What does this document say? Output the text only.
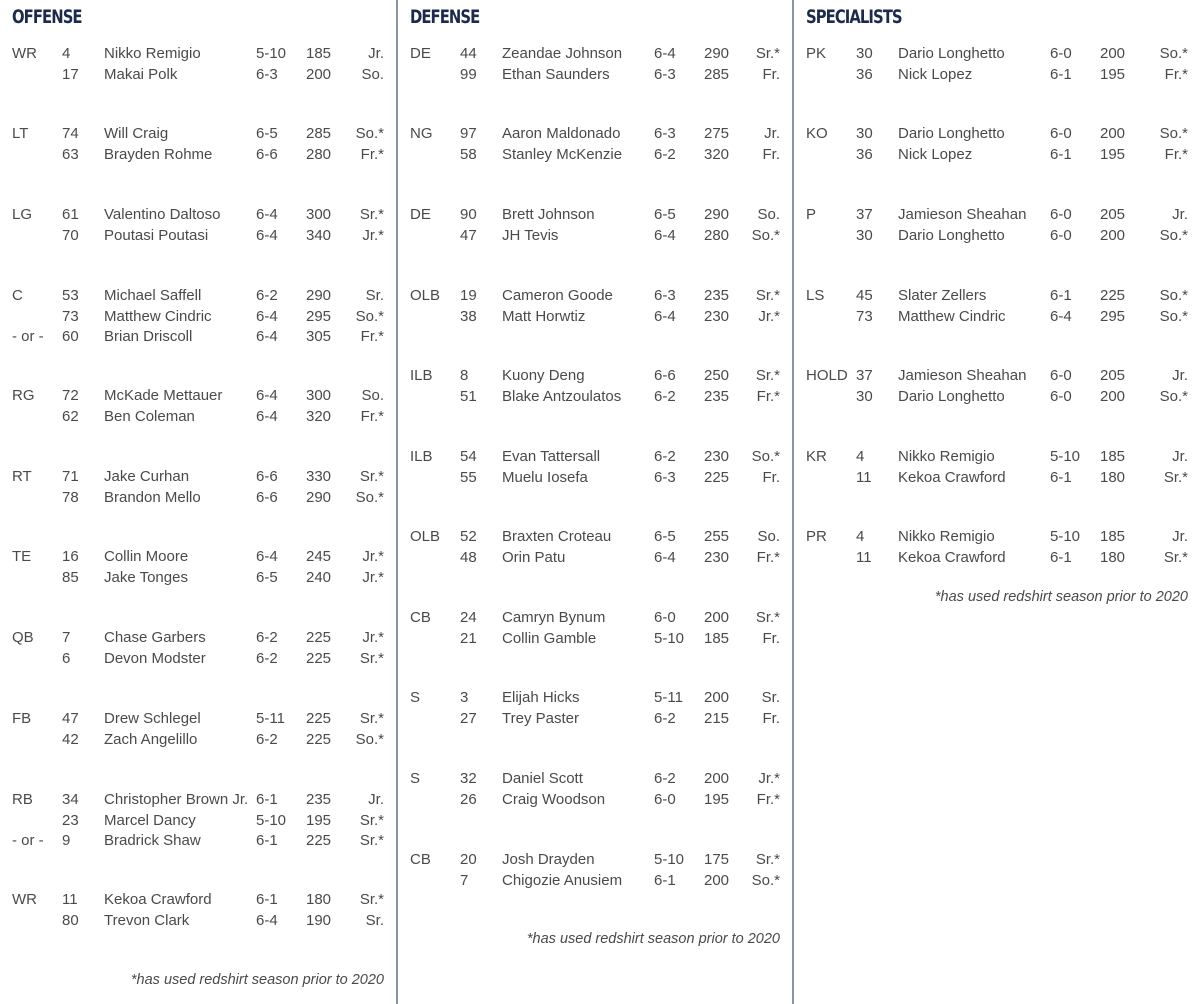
OFFENSE
WR 4 Nikko Remigio	5-10 185 Jr.
17 Makai Polk	6-3 200 So.
LT 74 Will Craig	6-5 285 So.*
63 Brayden Rohme	6-6 280 Fr.*
LG 61 Valentino Daltoso 6-4 300 Sr.*
70 Poutasi Poutasi	6-4 340 Jr.*
C	53 Michael Saffell	6-2 290 Sr.
73 Matthew Cindric	6-4 295 So.*
- or - 60 Brian Driscoll	6-4 305 Fr.*
RG 72 McKade Mettauer 6-4 300 So.
62 Ben Coleman	6-4 320 Fr.*
RT 71 Jake Curhan	6-6 330 Sr.*
78 Brandon Mello	6-6 290 So.*
TE 16 Collin Moore	6-4 245 Jr.*
85 Jake Tonges	6-5 240 Jr.*
QB 7 Chase Garbers	6-2 225 Jr.*
6 Devon Modster	6-2 225 Sr.*
FB 47 Drew Schlegel	5-11 225 Sr.*
42 Zach Angelillo	6-2 225 So.*
RB 34 Christopher Brown Jr. 6-1 235 Jr.
23 Marcel Dancy	5-10 195 Sr.*
- or - 9 Bradrick Shaw	6-1 225 Sr.*
WR 11 Kekoa Crawford	6-1 180 Sr.*
80 Trevon Clark	6-4 190 Sr.
*has used redshirt season prior to 2020
DEFENSE
DE 44 Zeandae Johnson 6-4 290 Sr.*
99 Ethan Saunders	6-3 285 Fr.
NG 97 Aaron Maldonado 6-3 275 Jr.
58 Stanley McKenzie 6-2 320 Fr.
DE 90 Brett Johnson	6-5 290 So.
47 JH Tevis	6-4 280 So.*
OLB 19 Cameron Goode	6-3 235 Sr.*
38 Matt Horwtiz	6-4 230 Jr.*
ILB 8 Kuony Deng	6-6 250 Sr.*
51 Blake Antzoulatos 6-2 235 Fr.*
ILB 54 Evan Tattersall	6-2 230 So.*
55 Muelu Iosefa	6-3 225 Fr.
OLB 52 Braxten Croteau	6-5 255 So.
48 Orin Patu	6-4 230 Fr.*
CB 24 Camryn Bynum	6-0 200 Sr.*
21 Collin Gamble	5-10 185 Fr.
S	3 Elijah Hicks	5-11 200 Sr.
27 Trey Paster	6-2 215 Fr.
S	32 Daniel Scott	6-2 200 Jr.*
26 Craig Woodson	6-0 195 Fr.*
CB 20 Josh Drayden	5-10 175 Sr.*
7 Chigozie Anusiem 6-1 200 So.*
*has used redshirt season prior to 2020
SPECIALISTS
PK 30 Dario Longhetto	6-0 200 So.*
36 Nick Lopez	6-1 195	Fr.*
KO 30 Dario Longhetto	6-0 200 So.*
36 Nick Lopez	6-1 195	Fr.*
P	37 Jamieson Sheahan 6-0 205	Jr.
30 Dario Longhetto	6-0 200 So.*
LS 45 Slater Zellers	6-1 225 So.*
73 Matthew Cindric	6-4 295 So.*
HOLD 37 Jamieson Sheahan 6-0 205	Jr.
30 Dario Longhetto	6-0 200 So.*
KR 4 Nikko Remigio	5-10 185	Jr.
11 Kekoa Crawford	6-1 180	Sr.*
PR 4 Nikko Remigio	5-10 185	Jr.
11 Kekoa Crawford	6-1 180	Sr.*
*has used redshirt season prior to 2020
